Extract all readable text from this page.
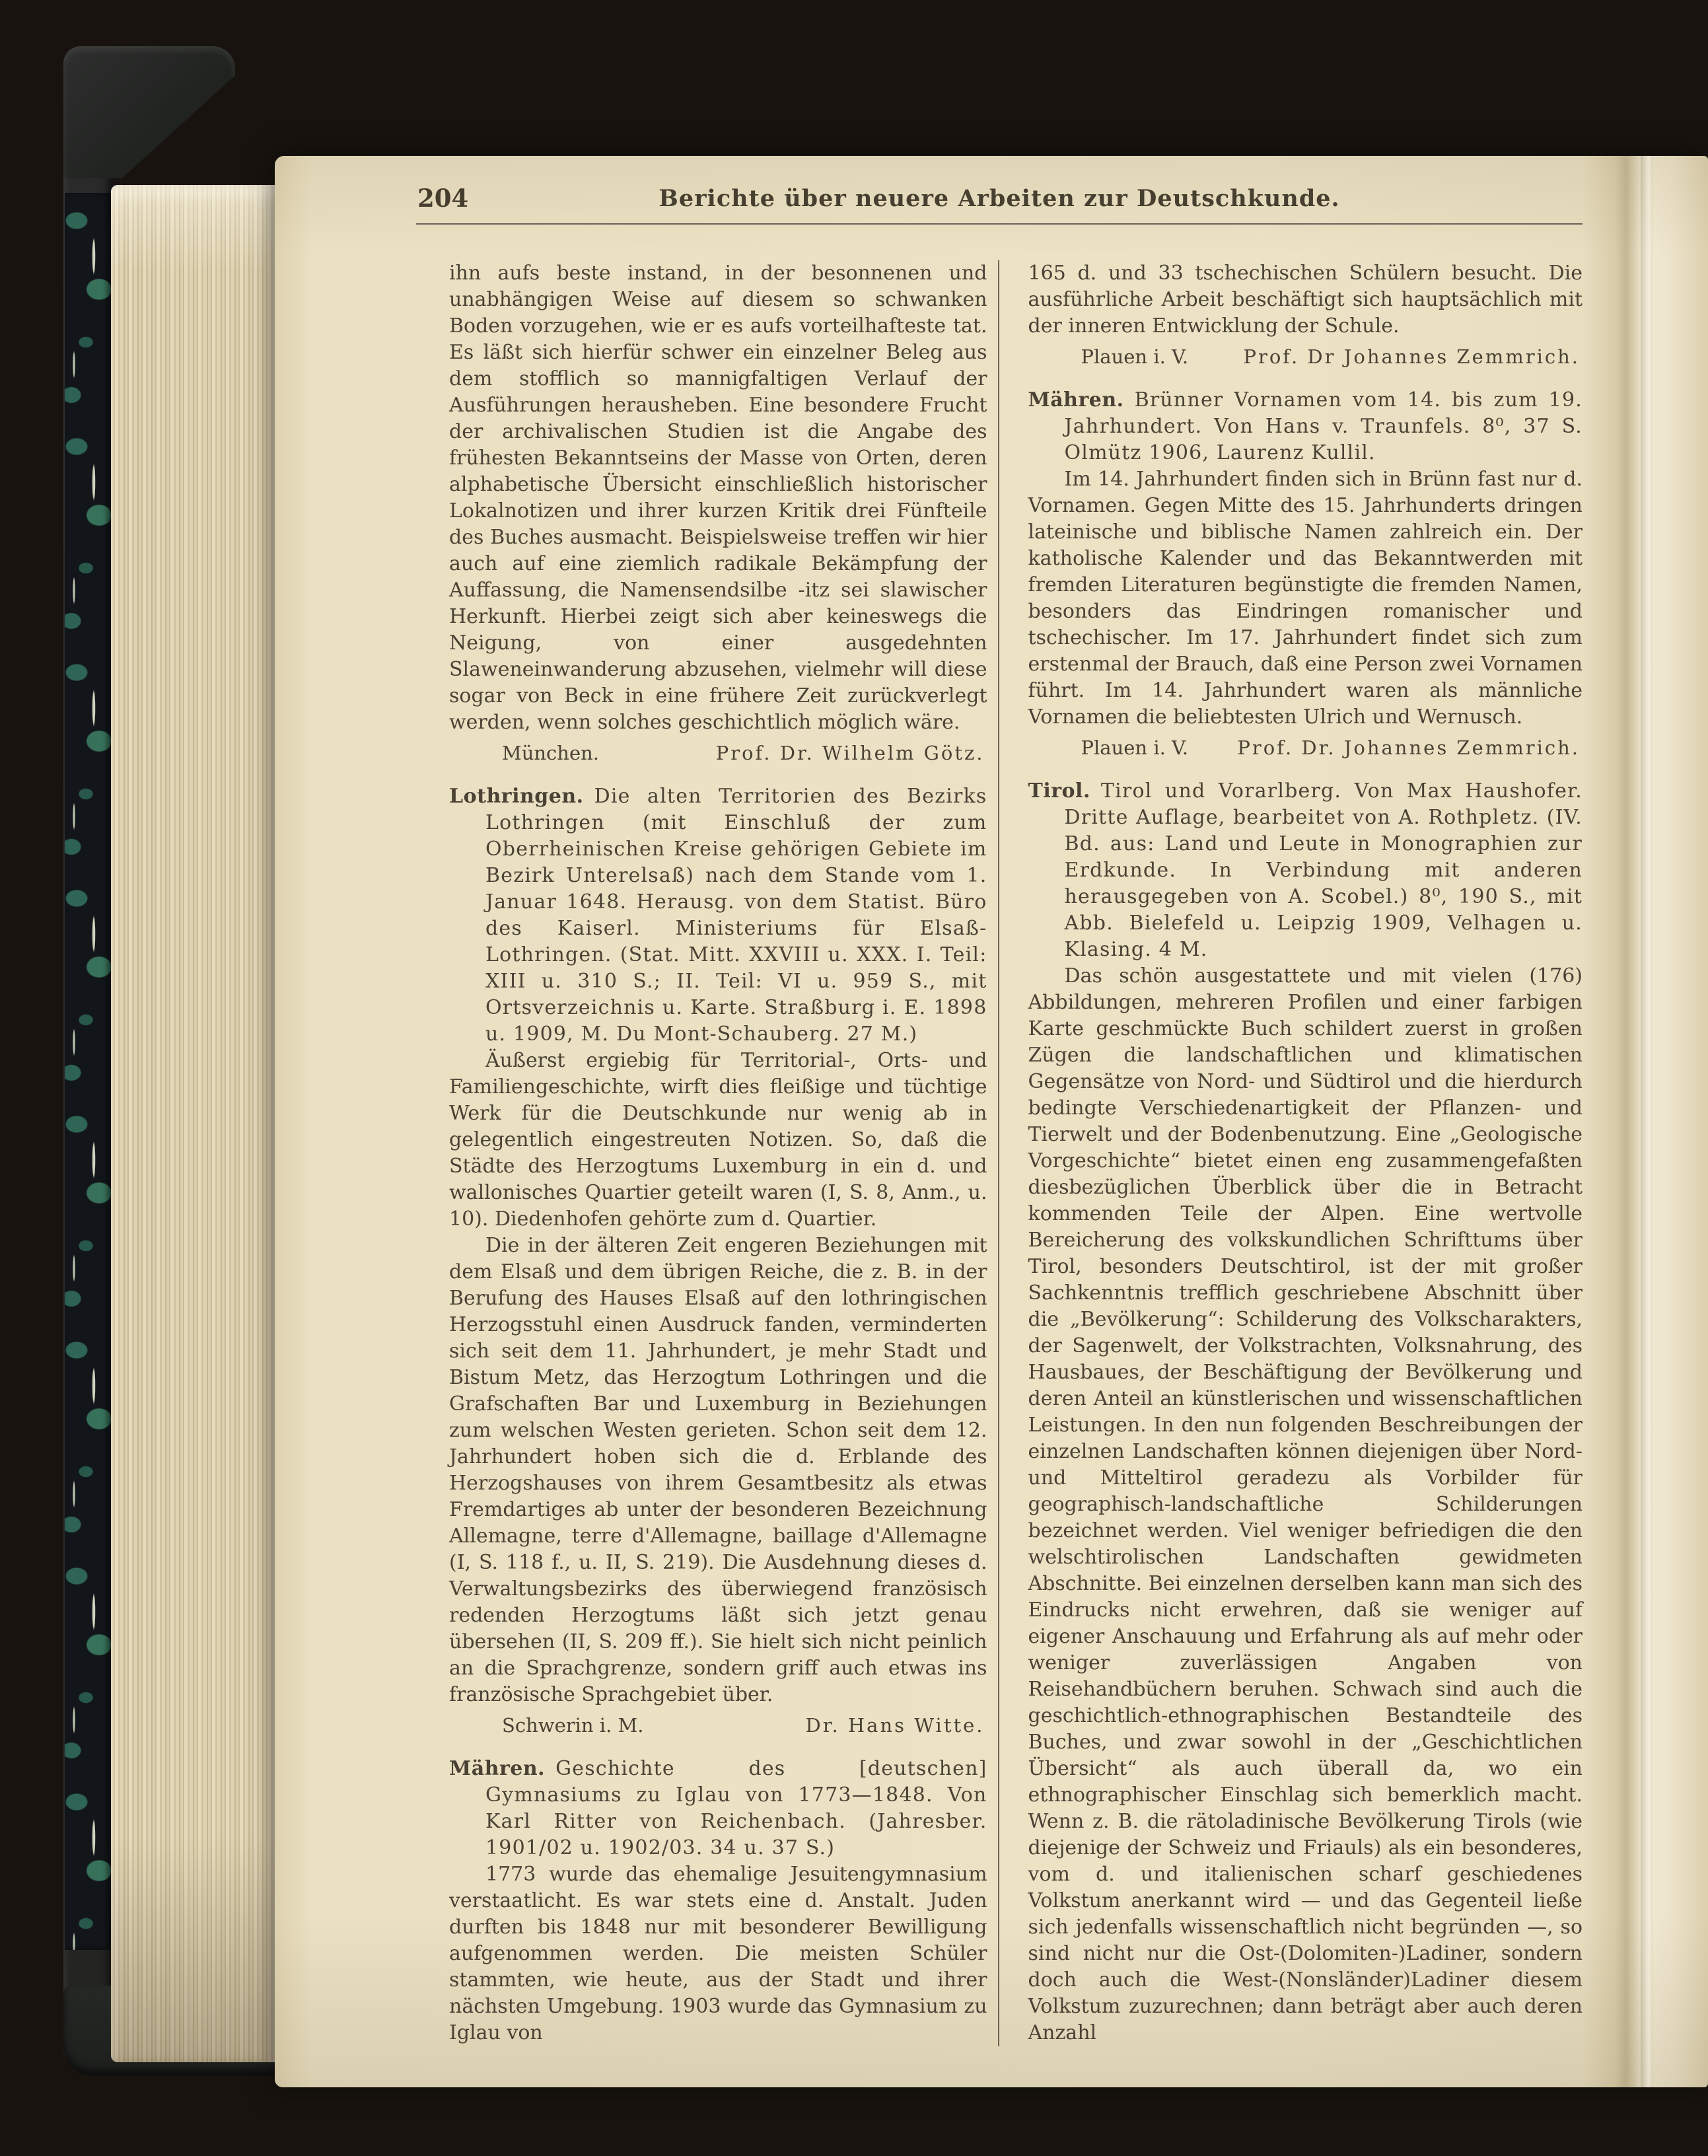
204	Berichte über neuere Arbeiten zur Deutschkunde.

ihn aufs beste instand, in der besonnenen und unabhängigen Weise auf diesem so schwanken Boden vorzugehen, wie er es aufs vorteilhafteste tat. Es läßt sich hierfür schwer ein einzelner Beleg aus dem stofflich so mannigfaltigen Verlauf der Ausführungen herausheben. Eine besondere Frucht der archivalischen Studien ist die Angabe des frühesten Bekanntseins der Masse von Orten, deren alphabetische Übersicht einschließlich historischer Lokalnotizen und ihrer kurzen Kritik drei Fünfteile des Buches ausmacht. Beispielsweise treffen wir hier auch auf eine ziemlich radikale Bekämpfung der Auffassung, die Namensendsilbe -itz sei slawischer Herkunft. Hierbei zeigt sich aber keineswegs die Neigung, von einer ausgedehnten Slaweneinwanderung abzusehen, vielmehr will diese sogar von Beck in eine frühere Zeit zurückverlegt werden, wenn solches geschichtlich möglich wäre.

München.	Prof. Dr. Wilhelm Götz.

Lothringen. Die alten Territorien des Bezirks Lothringen (mit Einschluß der zum Oberrheinischen Kreise gehörigen Gebiete im Bezirk Unterelsaß) nach dem Stande vom 1. Januar 1648. Herausg. von dem Statist. Büro des Kaiserl. Ministeriums für Elsaß-Lothringen. (Stat. Mitt. XXVIII u. XXX. I. Teil: XIII u. 310 S.; II. Teil: VI u. 959 S., mit Ortsverzeichnis u. Karte. Straßburg i. E. 1898 u. 1909, M. Du Mont-Schauberg. 27 M.)

Äußerst ergiebig für Territorial-, Orts- und Familiengeschichte, wirft dies fleißige und tüchtige Werk für die Deutschkunde nur wenig ab in gelegentlich eingestreuten Notizen. So, daß die Städte des Herzogtums Luxemburg in ein d. und wallonisches Quartier geteilt waren (I, S. 8, Anm., u. 10). Diedenhofen gehörte zum d. Quartier.

Die in der älteren Zeit engeren Beziehungen mit dem Elsaß und dem übrigen Reiche, die z. B. in der Berufung des Hauses Elsaß auf den lothringischen Herzogsstuhl einen Ausdruck fanden, verminderten sich seit dem 11. Jahrhundert, je mehr Stadt und Bistum Metz, das Herzogtum Lothringen und die Grafschaften Bar und Luxemburg in Beziehungen zum welschen Westen gerieten. Schon seit dem 12. Jahrhundert hoben sich die d. Erblande des Herzogshauses von ihrem Gesamtbesitz als etwas Fremdartiges ab unter der besonderen Bezeichnung Allemagne, terre d'Allemagne, baillage d'Allemagne (I, S. 118 f., u. II, S. 219). Die Ausdehnung dieses d. Verwaltungsbezirks des überwiegend französisch redenden Herzogtums läßt sich jetzt genau übersehen (II, S. 209 ff.). Sie hielt sich nicht peinlich an die Sprachgrenze, sondern griff auch etwas ins französische Sprachgebiet über.

Schwerin i. M.	Dr. Hans Witte.

Mähren. Geschichte des [deutschen] Gymnasiums zu Iglau von 1773—1848. Von Karl Ritter von Reichenbach. (Jahresber. 1901/02 u. 1902/03. 34 u. 37 S.)

1773 wurde das ehemalige Jesuitengymnasium verstaatlicht. Es war stets eine d. Anstalt. Juden durften bis 1848 nur mit besonderer Bewilligung aufgenommen werden. Die meisten Schüler stammten, wie heute, aus der Stadt und ihrer nächsten Umgebung. 1903 wurde das Gymnasium zu Iglau von

165 d. und 33 tschechischen Schülern besucht. Die ausführliche Arbeit beschäftigt sich hauptsächlich mit der inneren Entwicklung der Schule.

Plauen i. V.	Prof. Dr Johannes Zemmrich.

Mähren. Brünner Vornamen vom 14. bis zum 19. Jahrhundert. Von Hans v. Traunfels. 8⁰, 37 S. Olmütz 1906, Laurenz Kullil.

Im 14. Jahrhundert finden sich in Brünn fast nur d. Vornamen. Gegen Mitte des 15. Jahrhunderts dringen lateinische und biblische Namen zahlreich ein. Der katholische Kalender und das Bekanntwerden mit fremden Literaturen begünstigte die fremden Namen, besonders das Eindringen romanischer und tschechischer. Im 17. Jahrhundert findet sich zum erstenmal der Brauch, daß eine Person zwei Vornamen führt. Im 14. Jahrhundert waren als männliche Vornamen die beliebtesten Ulrich und Wernusch.

Plauen i. V.	Prof. Dr. Johannes Zemmrich.

Tirol. Tirol und Vorarlberg. Von Max Haushofer. Dritte Auflage, bearbeitet von A. Rothpletz. (IV. Bd. aus: Land und Leute in Monographien zur Erdkunde. In Verbindung mit anderen herausgegeben von A. Scobel.) 8⁰, 190 S., mit Abb. Bielefeld u. Leipzig 1909, Velhagen u. Klasing. 4 M.

Das schön ausgestattete und mit vielen (176) Abbildungen, mehreren Profilen und einer farbigen Karte geschmückte Buch schildert zuerst in großen Zügen die landschaftlichen und klimatischen Gegensätze von Nord- und Südtirol und die hierdurch bedingte Verschiedenartigkeit der Pflanzen- und Tierwelt und der Bodenbenutzung. Eine „Geologische Vorgeschichte“ bietet einen eng zusammengefaßten diesbezüglichen Überblick über die in Betracht kommenden Teile der Alpen. Eine wertvolle Bereicherung des volkskundlichen Schrifttums über Tirol, besonders Deutschtirol, ist der mit großer Sachkenntnis trefflich geschriebene Abschnitt über die „Bevölkerung“: Schilderung des Volkscharakters, der Sagenwelt, der Volkstrachten, Volksnahrung, des Hausbaues, der Beschäftigung der Bevölkerung und deren Anteil an künstlerischen und wissenschaftlichen Leistungen. In den nun folgenden Beschreibungen der einzelnen Landschaften können diejenigen über Nord- und Mitteltirol geradezu als Vorbilder für geographisch-landschaftliche Schilderungen bezeichnet werden. Viel weniger befriedigen die den welschtirolischen Landschaften gewidmeten Abschnitte. Bei einzelnen derselben kann man sich des Eindrucks nicht erwehren, daß sie weniger auf eigener Anschauung und Erfahrung als auf mehr oder weniger zuverlässigen Angaben von Reisehandbüchern beruhen. Schwach sind auch die geschichtlich-ethnographischen Bestandteile des Buches, und zwar sowohl in der „Geschichtlichen Übersicht“ als auch überall da, wo ein ethnographischer Einschlag sich bemerklich macht. Wenn z. B. die rätoladinische Bevölkerung Tirols (wie diejenige der Schweiz und Friauls) als ein besonderes, vom d. und italienischen scharf geschiedenes Volkstum anerkannt wird — und das Gegenteil ließe sich jedenfalls wissenschaftlich nicht begründen —, so sind nicht nur die Ost-(Dolomiten-)Ladiner, sondern doch auch die West-(Nonsländer)Ladiner diesem Volkstum zuzurechnen; dann beträgt aber auch deren Anzahl
